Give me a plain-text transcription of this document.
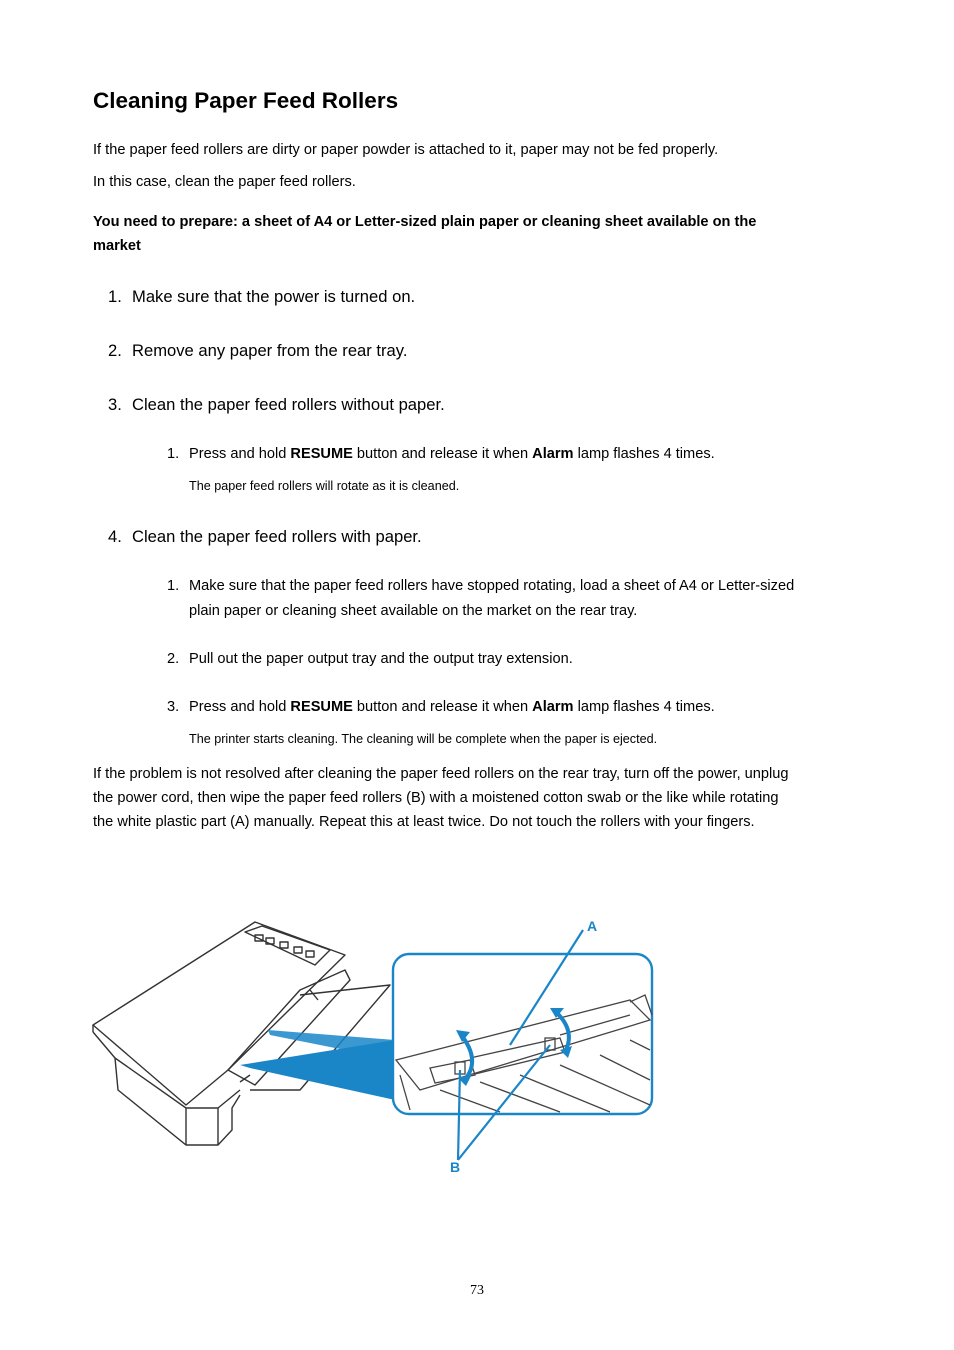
Cleaning Paper Feed Rollers

If the paper feed rollers are dirty or paper powder is attached to it, paper may not be fed properly.

In this case, clean the paper feed rollers.

You need to prepare: a sheet of A4 or Letter-sized plain paper or cleaning sheet available on the

market

1. Make sure that the power is turned on.
2. Remove any paper from the rear tray.
3. Clean the paper feed rollers without paper.
1. Press and hold RESUME button and release it when Alarm lamp flashes 4 times.
The paper feed rollers will rotate as it is cleaned.
4. Clean the paper feed rollers with paper.
1. Make sure that the paper feed rollers have stopped rotating, load a sheet of A4 or Letter-sized
plain paper or cleaning sheet available on the market on the rear tray.
2. Pull out the paper output tray and the output tray extension.
3. Press and hold RESUME button and release it when Alarm lamp flashes 4 times.
The printer starts cleaning. The cleaning will be complete when the paper is ejected.

If the problem is not resolved after cleaning the paper feed rollers on the rear tray, turn off the power, unplug

the power cord, then wipe the paper feed rollers (B) with a moistened cotton swab or the like while rotating

the white plastic part (A) manually. Repeat this at least twice. Do not touch the rollers with your fingers.

A
B
73
